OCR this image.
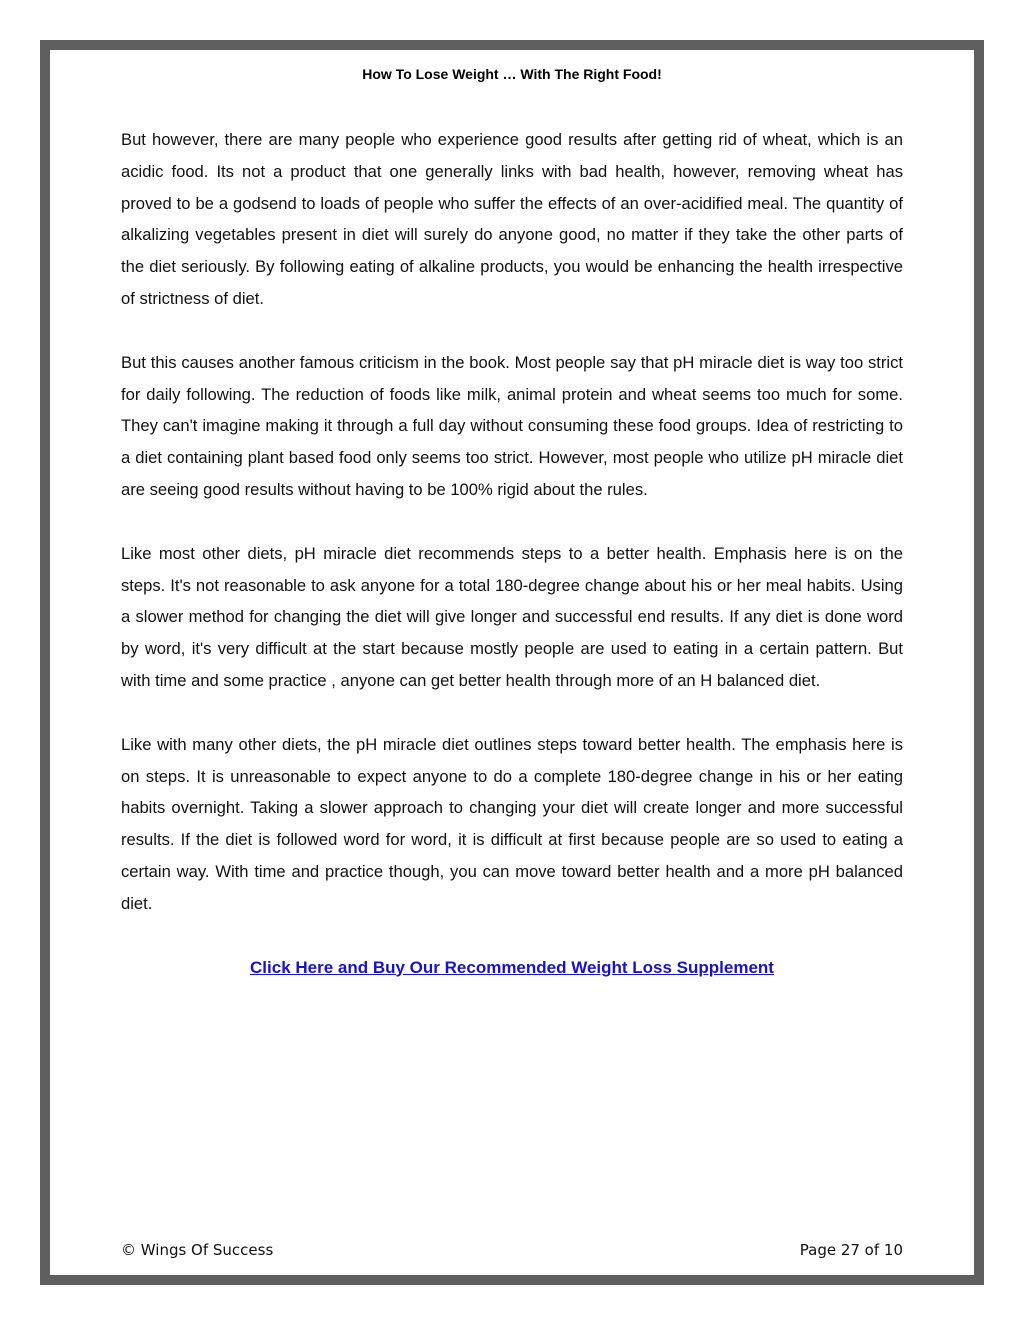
How To Lose Weight … With The Right Food!

But however, there are many people who experience good results after getting rid of wheat, which is an acidic food. Its not a product that one generally links with bad health, however, removing wheat has proved to be a godsend to loads of people who suffer the effects of an over-acidified meal. The quantity of alkalizing vegetables present in diet will surely do anyone good, no matter if they take the other parts of the diet seriously. By following eating of alkaline products, you would be enhancing the health irrespective of strictness of diet.

But this causes another famous criticism in the book. Most people say that pH miracle diet is way too strict for daily following. The reduction of foods like milk, animal protein and wheat seems too much for some. They can't imagine making it through a full day without consuming these food groups. Idea of restricting to a diet containing plant based food only seems too strict. However, most people who utilize pH miracle diet are seeing good results without having to be 100% rigid about the rules.

Like most other diets, pH miracle diet recommends steps to a better health. Emphasis here is on the steps. It's not reasonable to ask anyone for a total 180-degree change about his or her meal habits. Using a slower method for changing the diet will give longer and successful end results. If any diet is done word by word, it's very difficult at the start because mostly people are used to eating in a certain pattern. But with time and some practice , anyone can get better health through more of an H balanced diet.

Like with many other diets, the pH miracle diet outlines steps toward better health. The emphasis here is on steps. It is unreasonable to expect anyone to do a complete 180-degree change in his or her eating habits overnight. Taking a slower approach to changing your diet will create longer and more successful results. If the diet is followed word for word, it is difficult at first because people are so used to eating a certain way. With time and practice though, you can move toward better health and a more pH balanced diet.

Click Here and Buy Our Recommended Weight Loss Supplement
© Wings Of Success	Page 27 of 10
